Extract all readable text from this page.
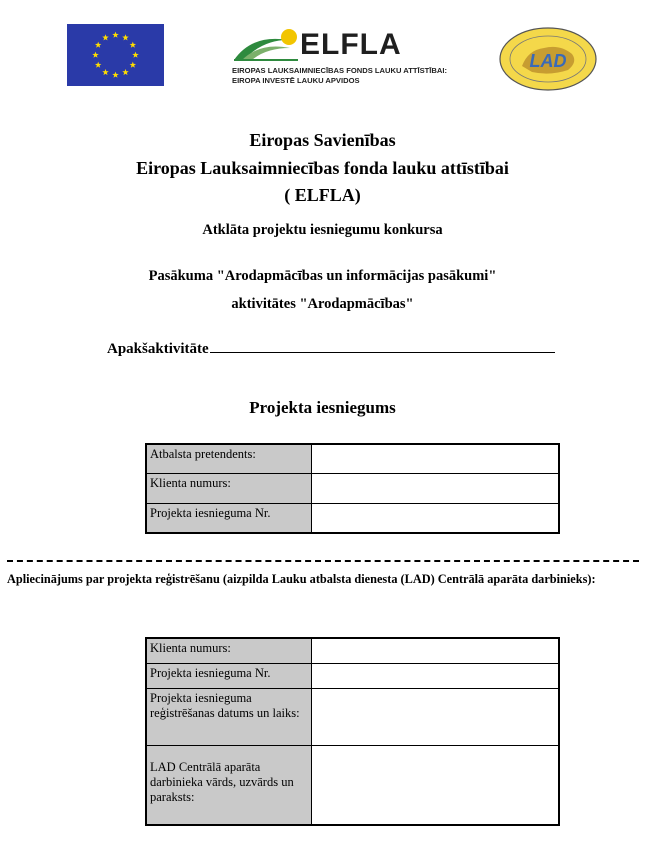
ELFLA
EIROPAS LAUKSAIMNIECĪBAS FONDS LAUKU ATTĪSTĪBAI:
EIROPA INVESTĒ LAUKU APVIDOS
LAD
Eiropas Savienības
Eiropas Lauksaimniecības fonda lauku attīstībai
( ELFLA)
Atklāta projektu iesniegumu konkursa
Pasākuma "Arodapmācības un informācijas pasākumi"
aktivitātes "Arodapmācības"
Apakšaktivitāte
Projekta iesniegums
Atbalsta pretendents:	
Klienta numurs:	
Projekta iesnieguma Nr.	
Apliecinājums par projekta reģistrēšanu (aizpilda Lauku atbalsta dienesta (LAD) Centrālā aparāta darbinieks):
Klienta numurs:	
Projekta iesnieguma Nr.	
Projekta iesnieguma reģistrēšanas datums un laiks:	
LAD Centrālā aparāta darbinieka vārds, uzvārds un paraksts:	
